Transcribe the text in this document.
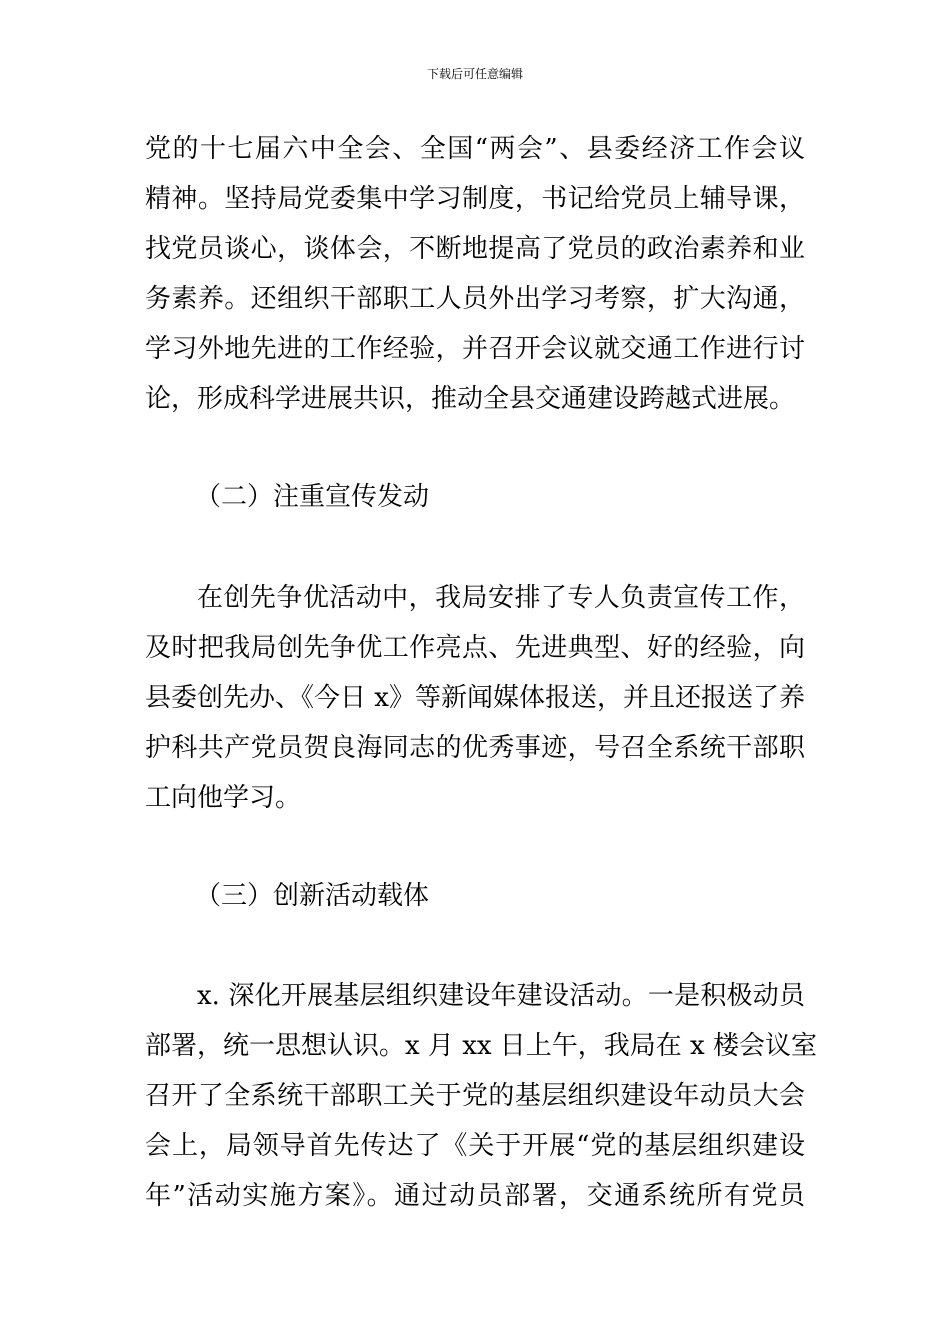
下载后可任意编辑
党的十七届六中全会、全国“两会”、县委经济工作会议
精神。坚持局党委集中学习制度，书记给党员上辅导课，
找党员谈心，谈体会，不断地提高了党员的政治素养和业
务素养。还组织干部职工人员外出学习考察，扩大沟通，
学习外地先进的工作经验，并召开会议就交通工作进行讨
论，形成科学进展共识，推动全县交通建设跨越式进展。
（二）注重宣传发动
在创先争优活动中，我局安排了专人负责宣传工作，
及时把我局创先争优工作亮点、先进典型、好的经验，向
县委创先办、《今日 x》等新闻媒体报送，并且还报送了养
护科共产党员贺良海同志的优秀事迹，号召全系统干部职
工向他学习。
（三）创新活动载体
x. 深化开展基层组织建设年建设活动。一是积极动员
部署，统一思想认识。x 月 xx 日上午，我局在 x 楼会议室
召开了全系统干部职工关于党的基层组织建设年动员大会
会上，局领导首先传达了《关于开展“党的基层组织建设
年”活动实施方案》。通过动员部署，交通系统所有党员
